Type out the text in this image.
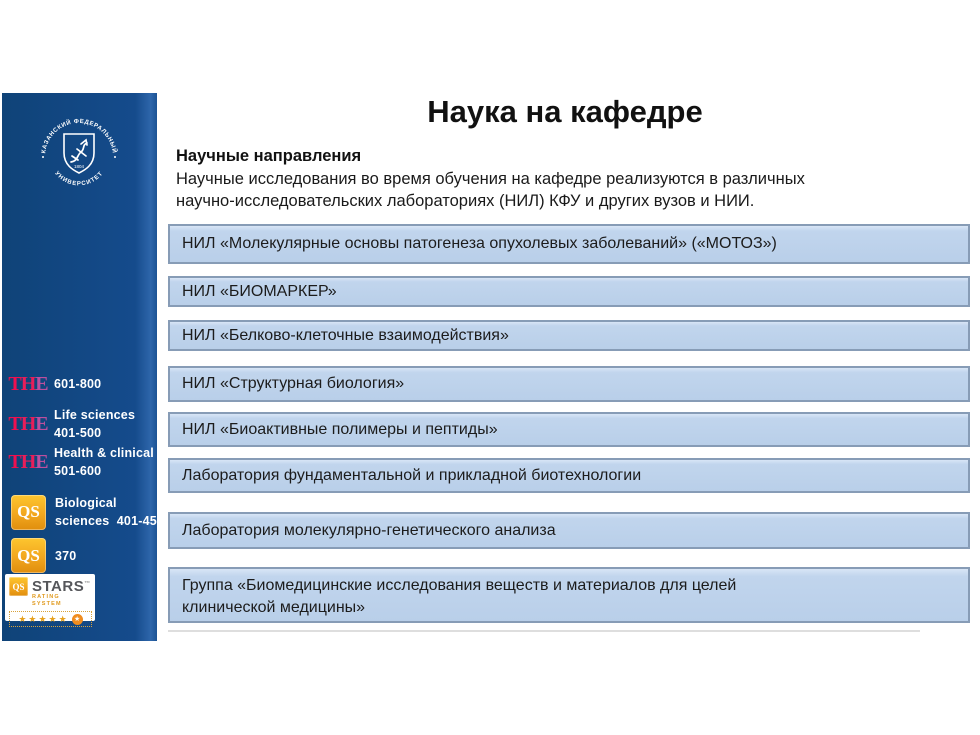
КАЗАНСКИЙ ФЕДЕРАЛЬНЫЙ
УНИВЕРСИТЕТ
1804
T H E 601-800
T H E Life sciences
401-500
T H E Health & clinical
501-600
QS	Biological
sciences  401-450
QS	370
QS STARS™
RATING SYSTEM
★★★★★ ★
Наука на кафедре
Научные направления
Научные исследования во время обучения на кафедре реализуются в различных
научно-исследовательских лабораториях (НИЛ) КФУ и других вузов и НИИ.
НИЛ «Молекулярные основы патогенеза опухолевых заболеваний» («МОТОЗ»)
НИЛ «БИОМАРКЕР»
НИЛ «Белково-клеточные взаимодействия»
НИЛ «Структурная биология»
НИЛ «Биоактивные полимеры и пептиды»
Лаборатория фундаментальной и прикладной биотехнологии
Лаборатория молекулярно-генетического анализа
Группа «Биомедицинские исследования веществ и материалов для целей клинической медицины»
